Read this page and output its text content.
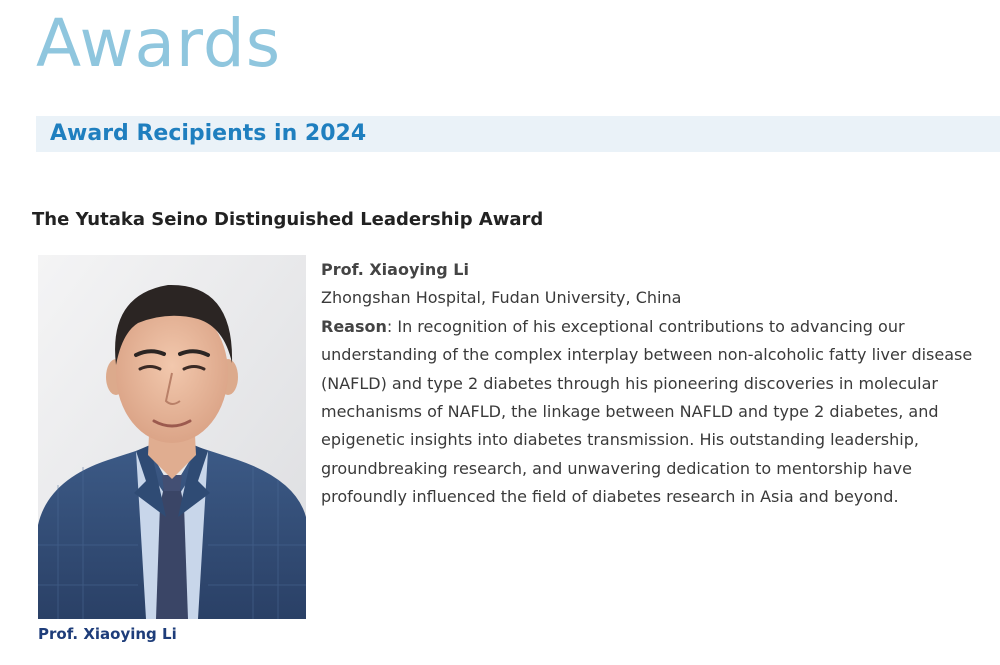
Awards
Award Recipients in 2024
The Yutaka Seino Distinguished Leadership Award
Prof. Xiaoying Li
Prof. Xiaoying Li
Zhongshan Hospital, Fudan University, China
Reason: In recognition of his exceptional contributions to advancing our understanding of the complex interplay between non-alcoholic fatty liver disease (NAFLD) and type 2 diabetes through his pioneering discoveries in molecular mechanisms of NAFLD, the linkage between NAFLD and type 2 diabetes, and epigenetic insights into diabetes transmission. His outstanding leadership, groundbreaking research, and unwavering dedication to mentorship have profoundly influenced the field of diabetes research in Asia and beyond.
